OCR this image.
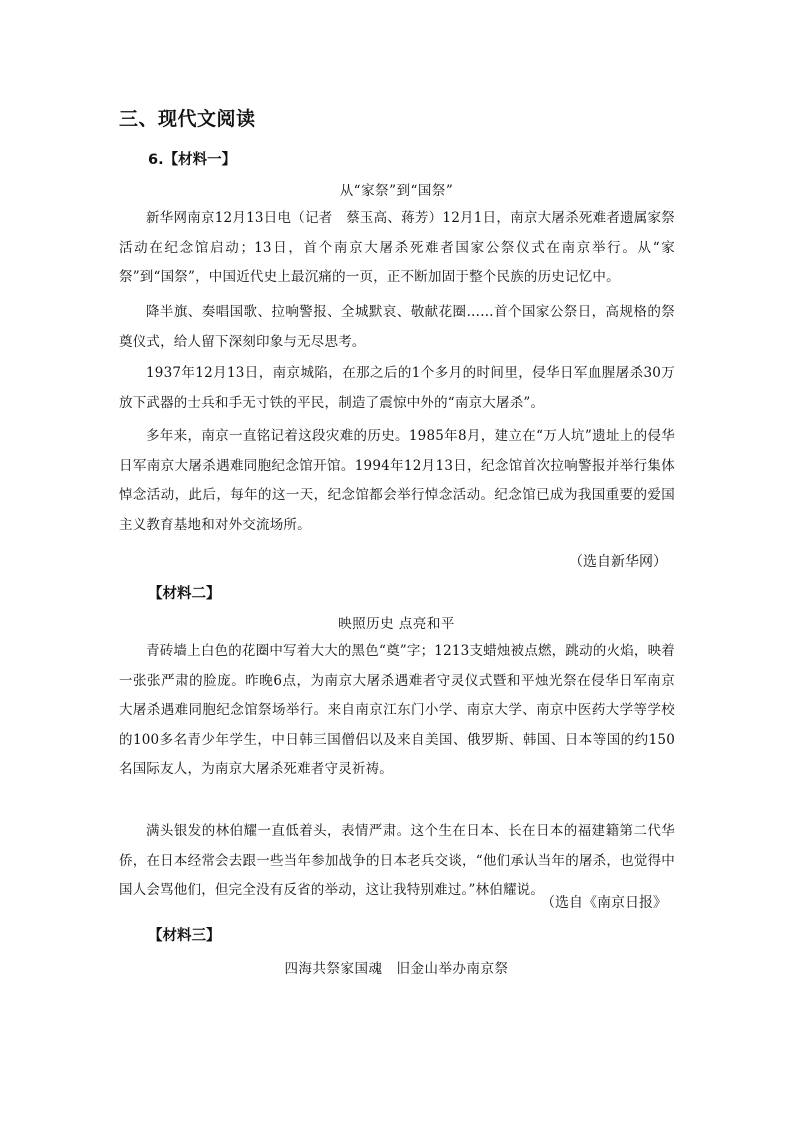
三、现代文阅读
6.【材料一】
从“家祭”到“国祭”

新华网南京12月13日电（记者　蔡玉高、蒋芳）12月1日，南京大屠杀死难者遗属家祭活动在纪念馆启动；13日，首个南京大屠杀死难者国家公祭仪式在南京举行。从“家祭”到“国祭”，中国近代史上最沉痛的一页，正不断加固于整个民族的历史记忆中。

降半旗、奏唱国歌、拉响警报、全城默哀、敬献花圈……首个国家公祭日，高规格的祭奠仪式，给人留下深刻印象与无尽思考。

1937年12月13日，南京城陷，在那之后的1个多月的时间里，侵华日军血腥屠杀30万放下武器的士兵和手无寸铁的平民，制造了震惊中外的“南京大屠杀”。

多年来，南京一直铭记着这段灾难的历史。1985年8月，建立在“万人坑”遗址上的侵华日军南京大屠杀遇难同胞纪念馆开馆。1994年12月13日，纪念馆首次拉响警报并举行集体悼念活动，此后，每年的这一天，纪念馆都会举行悼念活动。纪念馆已成为我国重要的爱国主义教育基地和对外交流场所。

（选自新华网）
【材料二】
映照历史 点亮和平

青砖墙上白色的花圈中写着大大的黑色“奠”字；1213支蜡烛被点燃，跳动的火焰，映着一张张严肃的脸庞。昨晚6点，为南京大屠杀遇难者守灵仪式暨和平烛光祭在侵华日军南京大屠杀遇难同胞纪念馆祭场举行。来自南京江东门小学、南京大学、南京中医药大学等学校的100多名青少年学生，中日韩三国僧侣以及来自美国、俄罗斯、韩国、日本等国的约150名国际友人，为南京大屠杀死难者守灵祈祷。

满头银发的林伯耀一直低着头，表情严肃。这个生在日本、长在日本的福建籍第二代华侨，在日本经常会去跟一些当年参加战争的日本老兵交谈，“他们承认当年的屠杀，也觉得中国人会骂他们，但完全没有反省的举动，这让我特别难过。”林伯耀说。

（选自《南京日报》
【材料三】
四海共祭家国魂　旧金山举办南京祭
